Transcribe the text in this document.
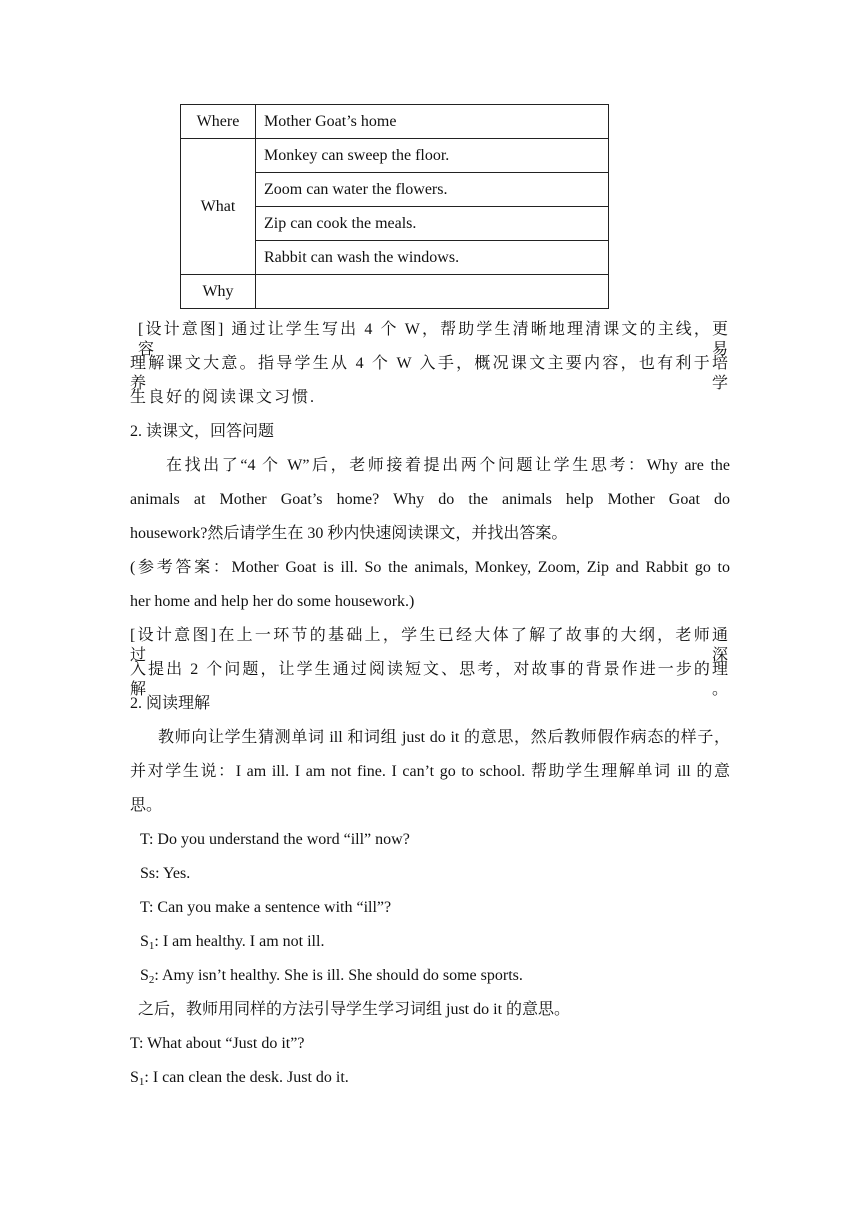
Where	Mother Goat’s home
What	Monkey can sweep the floor.
	Zoom can water the flowers.
	Zip can cook the meals.
	Rabbit can wash the windows.
Why	
[设计意图] 通过让学生写出 4 个 W，帮助学生清晰地理清课文的主线，更容易
理解课文大意。指导学生从 4 个 W 入手，概况课文主要内容，也有利于培养学
生良好的阅读课文习惯.
2. 读课文，回答问题
在找出了“4 个 W”后，老师接着提出两个问题让学生思考：Why are the
animals at Mother Goat’s home? Why do the animals help Mother Goat do
housework?然后请学生在 30 秒内快速阅读课文，并找出答案。
(参考答案：Mother Goat is ill. So the animals, Monkey, Zoom, Zip and Rabbit go to
her home and help her do some housework.)
[设计意图]在上一环节的基础上，学生已经大体了解了故事的大纲，老师通过深
入提出 2 个问题，让学生通过阅读短文、思考，对故事的背景作进一步的理解。
2. 阅读理解
教师向让学生猜测单词 ill 和词组 just do it 的意思，然后教师假作病态的样子，
并对学生说：I am ill. I am not fine. I can’t go to school. 帮助学生理解单词 ill 的意
思。
T: Do you understand the word “ill” now?
Ss: Yes.
T: Can you make a sentence with “ill”?
$S_1$: I am healthy. I am not ill.
$S_2$: Amy isn’t healthy. She is ill. She should do some sports.
之后，教师用同样的方法引导学生学习词组 just do it 的意思。
T: What about “Just do it”?
$S_1$: I can clean the desk. Just do it.
